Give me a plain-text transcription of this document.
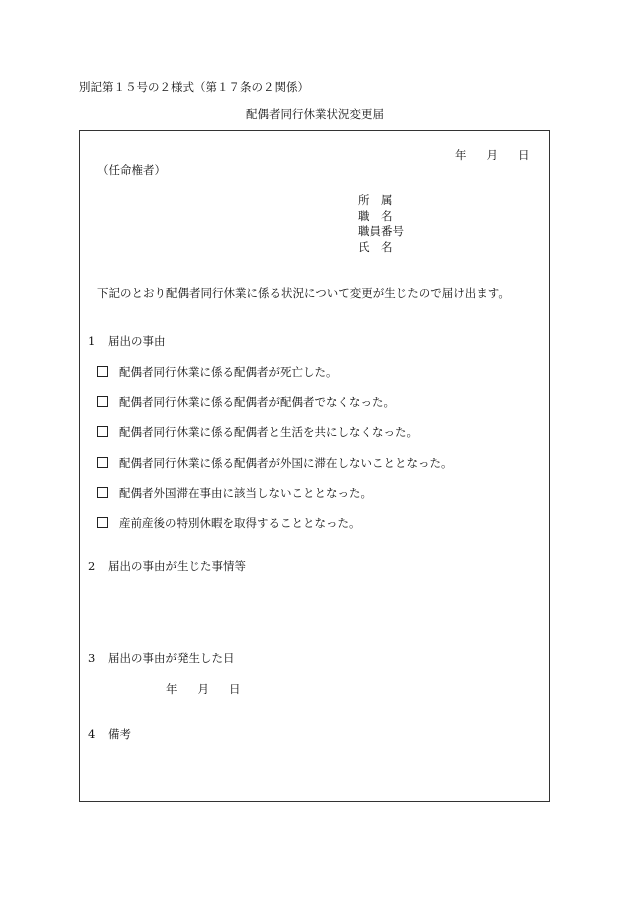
別記第１５号の２様式（第１７条の２関係）
配偶者同行休業状況変更届
年 月 日
（任命権者）
所　属
職　名
職員番号
氏　名
下記のとおり配偶者同行休業に係る状況について変更が生じたので届け出ます。
1 届出の事由
配偶者同行休業に係る配偶者が死亡した。
配偶者同行休業に係る配偶者が配偶者でなくなった。
配偶者同行休業に係る配偶者と生活を共にしなくなった。
配偶者同行休業に係る配偶者が外国に滞在しないこととなった。
配偶者外国滞在事由に該当しないこととなった。
産前産後の特別休暇を取得することとなった。
2 届出の事由が生じた事情等
3 届出の事由が発生した日
年 月 日
4 備考
